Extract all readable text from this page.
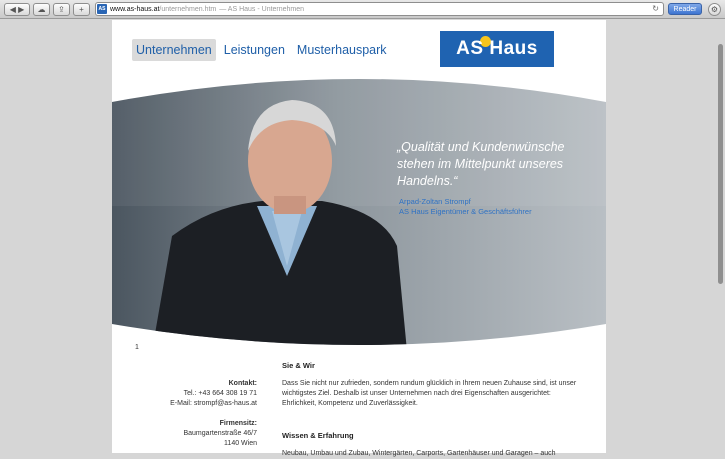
◀
▶ ☁ ⇪ +	AS www.as-haus.at /unternehmen.htm — AS Haus - Unternehmen	↻	Reader	⚙
Unternehmen Leistungen Musterhauspark	AS Haus
„Qualität und Kundenwünsche stehen im Mittelpunkt unseres Handelns.“
Arpad-Zoltan Strompf
AS Haus Eigentümer & Geschäftsführer
1
Sie & Wir
Dass Sie nicht nur zufrieden, sondern rundum glücklich in Ihrem neuen Zuhause sind, ist unser wichtigstes Ziel. Deshalb ist unser Unternehmen nach drei Eigenschaften ausgerichtet: Ehrlichkeit, Kompetenz und Zuverlässigkeit.
Kontakt:
Tel.: +43 664 308 19 71
E-Mail: strompf@as-haus.at
Firmensitz:
Baumgartenstraße 46/7
1140 Wien
Wissen & Erfahrung
Neubau, Umbau und Zubau, Wintergärten, Carports, Gartenhäuser und Garagen – auch
